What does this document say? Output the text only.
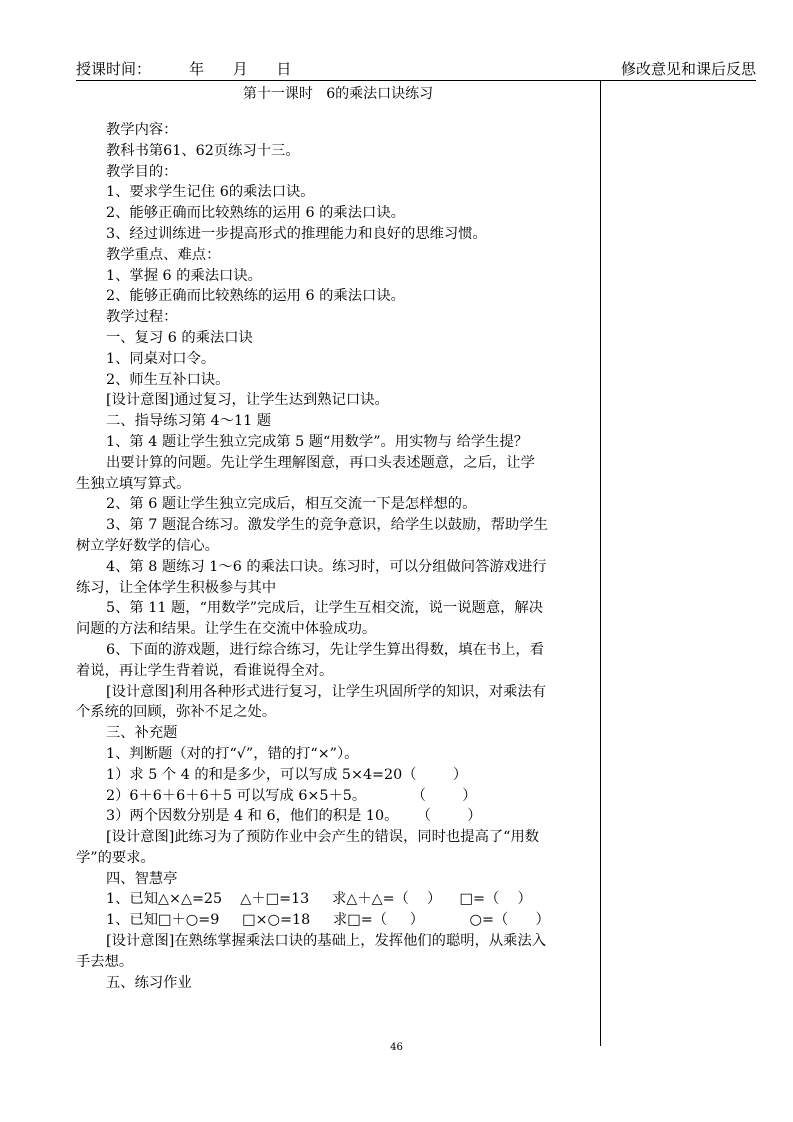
授课时间：        年      月      日	修改意见和课后反思
第十一课时   6的乘法口诀练习
教学内容：
教科书第61、62页练习十三。
教学目的：
1、要求学生记住 6的乘法口诀。
2、能够正确而比较熟练的运用 6 的乘法口诀。
3、经过训练进一步提高形式的推理能力和良好的思维习惯。
教学重点、难点：
1、掌握 6 的乘法口诀。
2、能够正确而比较熟练的运用 6 的乘法口诀。
教学过程：
一、复习 6 的乘法口诀
1、同桌对口令。
2、师生互补口诀。
[设计意图]通过复习，让学生达到熟记口诀。
二、指导练习第 4～11 题
1、第 4 题让学生独立完成第 5 题“用数学”。用实物与 给学生提？
出要计算的问题。先让学生理解图意，再口头表述题意，之后，让学
生独立填写算式。
2、第 6 题让学生独立完成后，相互交流一下是怎样想的。
3、第 7 题混合练习。激发学生的竞争意识，给学生以鼓励，帮助学生
树立学好数学的信心。
4、第 8 题练习 1～6 的乘法口诀。练习时，可以分组做问答游戏进行
练习，让全体学生积极参与其中
5、第 11 题，“用数学”完成后，让学生互相交流，说一说题意，解决
问题的方法和结果。让学生在交流中体验成功。
6、下面的游戏题，进行综合练习，先让学生算出得数，填在书上，看
着说，再让学生背着说，看谁说得全对。
[设计意图]利用各种形式进行复习，让学生巩固所学的知识，对乘法有
个系统的回顾，弥补不足之处。
三、补充题
1、判断题（对的打“√”，错的打“×”）。
1）求 5 个 4 的和是多少，可以写成 5×4=20（        ）
2）6＋6＋6＋6＋5 可以写成 6×5＋5。          （        ）
3）两个因数分别是 4 和 6，他们的积是 10。    （        ）
[设计意图]此练习为了预防作业中会产生的错误，同时也提高了“用数
学”的要求。
四、智慧亭
1、已知△×△=25    △＋□=13     求△＋△=（    ）    □=（    ）
1、已知□＋○=9     □×○=18     求□=（     ）          ○=（      ）
[设计意图]在熟练掌握乘法口诀的基础上，发挥他们的聪明，从乘法入
手去想。
五、练习作业
46
